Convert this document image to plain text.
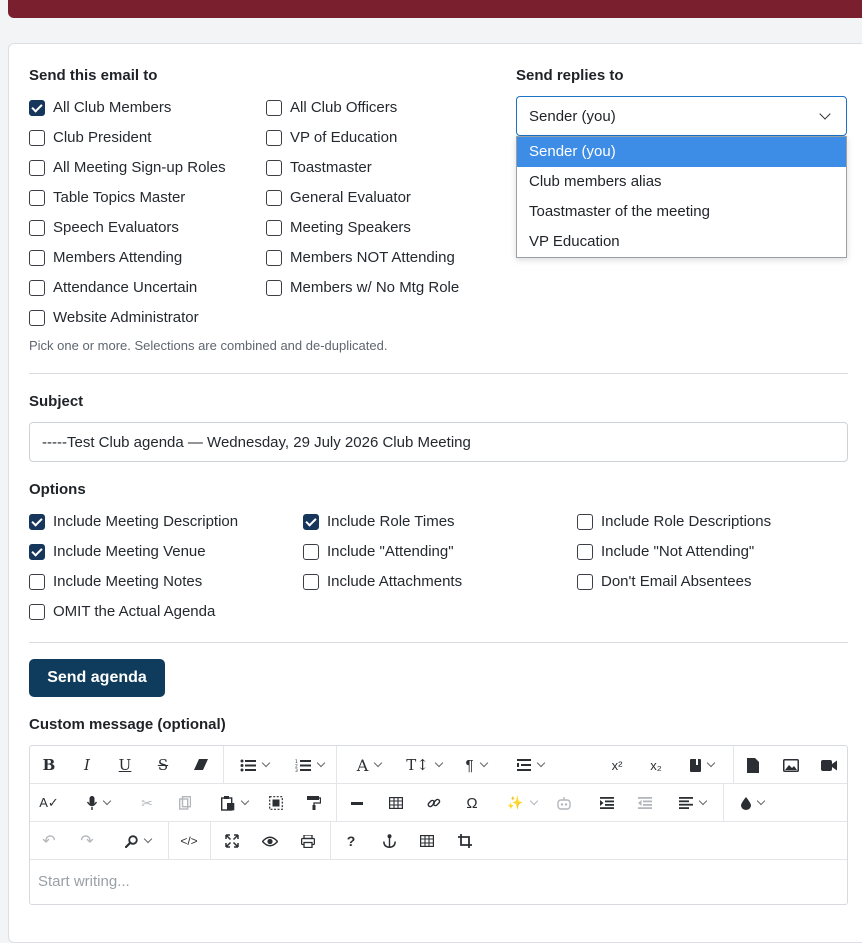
Send this email to
All Club Members
Club President
All Meeting Sign-up Roles
Table Topics Master
Speech Evaluators
Members Attending
Attendance Uncertain
Website Administrator
All Club Officers
VP of Education
Toastmaster
General Evaluator
Meeting Speakers
Members NOT Attending
Members w/ No Mtg Role
Pick one or more. Selections are combined and de-duplicated.
Send replies to
Sender (you)
Sender (you)
Club members alias
Toastmaster of the meeting
VP Education
Subject
-----Test Club agenda — Wednesday, 29 July 2026 Club Meeting
Options
Include Meeting Description
Include Meeting Venue
Include Meeting Notes
OMIT the Actual Agenda
Include Role Times
Include "Attending"
Include Attachments
Include Role Descriptions
Include "Not Attending"
Don't Email Absentees
Send agenda
Custom message (optional)
B	I	U	S	1
2
3	A	T↕	¶	x²	x₂
A✓	✂	Ω	✨
↶	↷	</>	?
Start writing...
